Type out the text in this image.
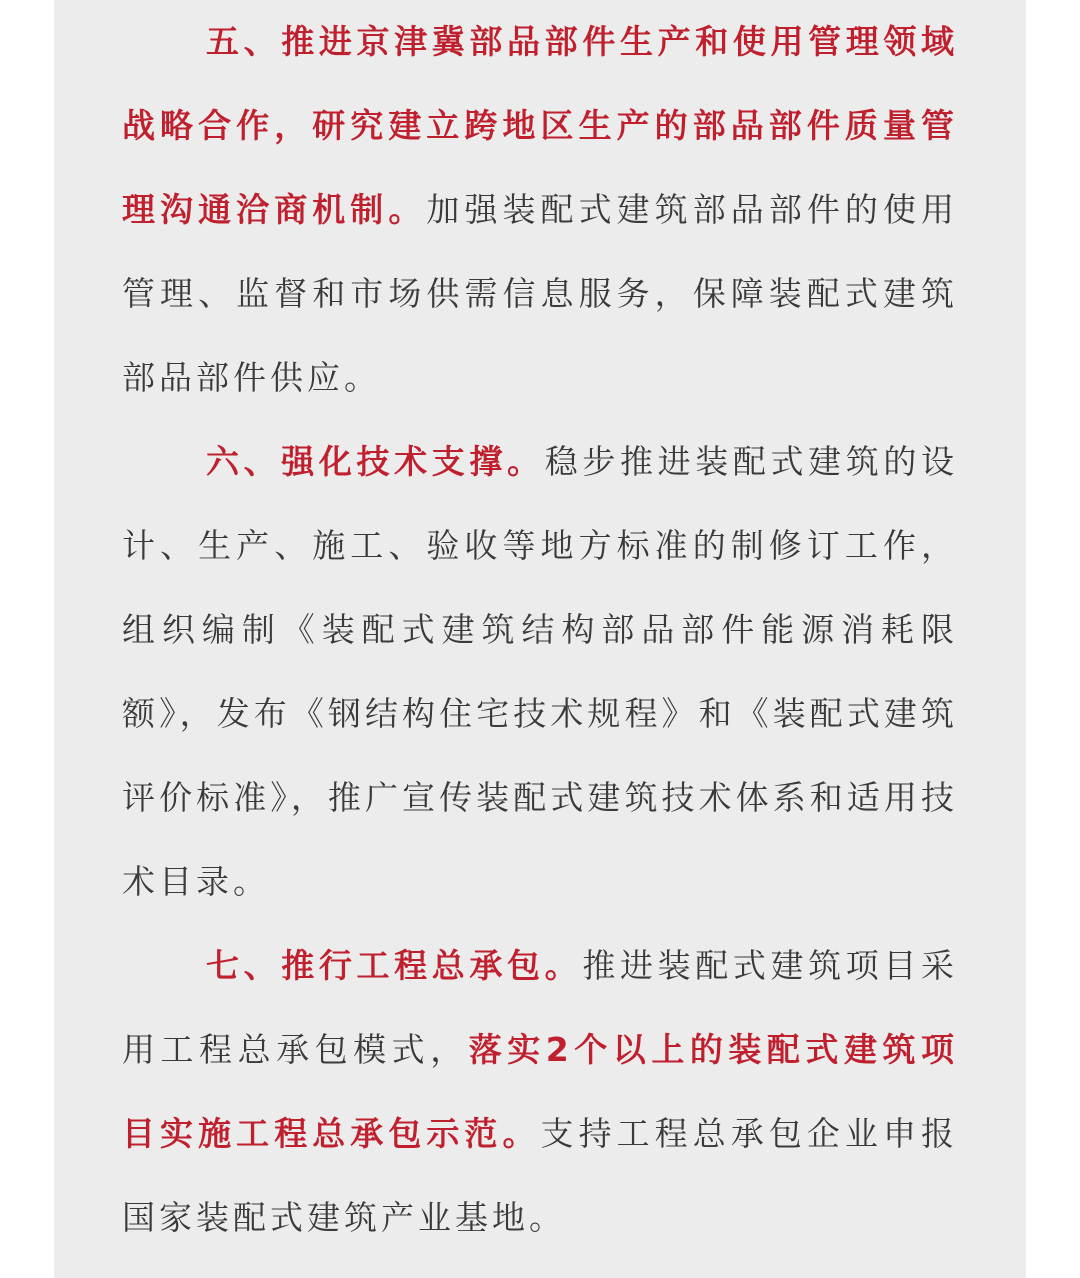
五、推进京津冀部品部件生产和使用管理领域战略合作，研究建立跨地区生产的部品部件质量管理沟通洽商机制。加强装配式建筑部品部件的使用管理、监督和市场供需信息服务，保障装配式建筑部品部件供应。

六、强化技术支撑。稳步推进装配式建筑的设计、生产、施工、验收等地方标准的制修订工作，组织编制《装配式建筑结构部品部件能源消耗限额》，发布《钢结构住宅技术规程》和《装配式建筑评价标准》，推广宣传装配式建筑技术体系和适用技术目录。

七、推行工程总承包。推进装配式建筑项目采用工程总承包模式，落实2个以上的装配式建筑项目实施工程总承包示范。支持工程总承包企业申报国家装配式建筑产业基地。
